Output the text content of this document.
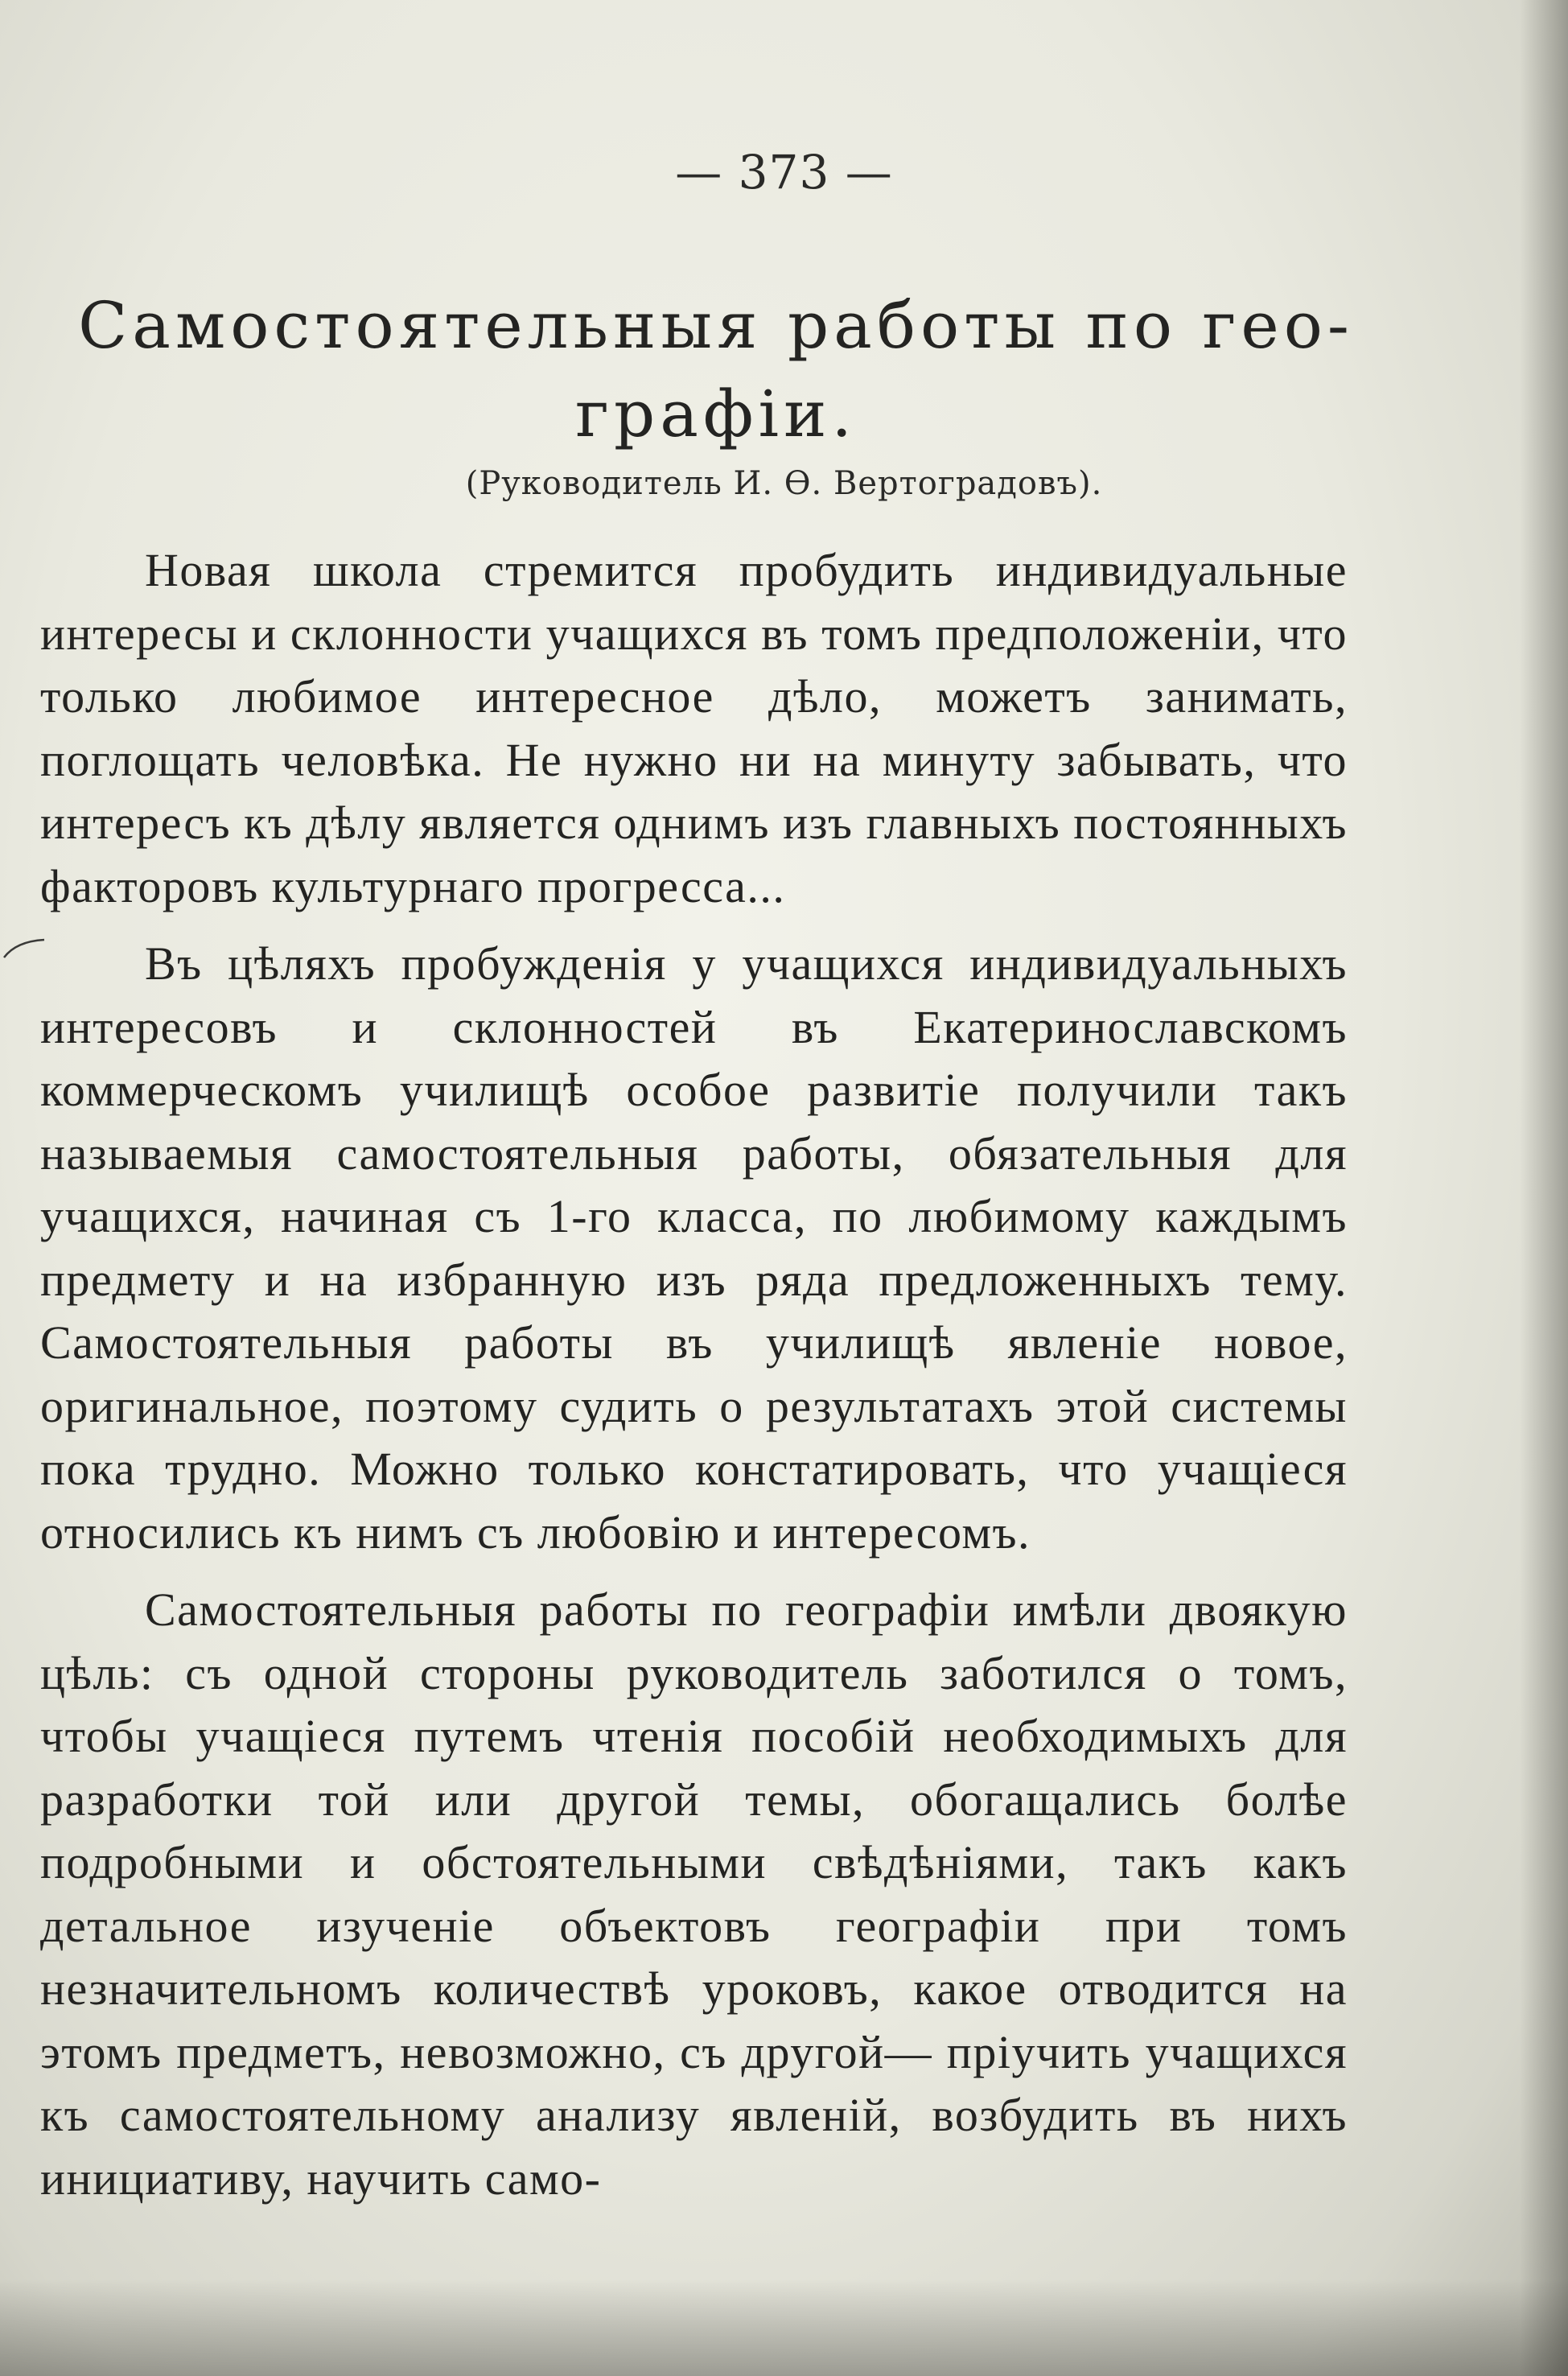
— 373 —
Самостоятельныя работы по гео-графіи.
(Руководитель И. Ѳ. Вертоградовъ).

Новая школа стремится пробудить индивидуальные интересы и склонности учащихся въ томъ предположеніи, что только любимое интересное дѣло, можетъ занимать, поглощать человѣка. Не нужно ни на минуту забывать, что интересъ къ дѣлу является однимъ изъ главныхъ постоянныхъ факторовъ культурнаго прогресса...

Въ цѣляхъ пробужденія у учащихся индивидуальныхъ интересовъ и склонностей въ Екатеринославскомъ коммерческомъ училищѣ особое развитіе получили такъ называемыя самостоятельныя работы, обязательныя для учащихся, начиная съ 1-го класса, по любимому каждымъ предмету и на избранную изъ ряда предложенныхъ тему. Самостоятельныя работы въ училищѣ явленіе новое, оригинальное, поэтому судить о результатахъ этой системы пока трудно. Можно только констатировать, что учащіеся относились къ нимъ съ любовію и интересомъ.

Самостоятельныя работы по географіи имѣли двоякую цѣль: съ одной стороны руководитель заботился о томъ, чтобы учащіеся путемъ чтенія пособій необходимыхъ для разработки той или другой темы, обогащались болѣе подробными и обстоятельными свѣдѣніями, такъ какъ детальное изученіе объектовъ географіи при томъ незначительномъ количествѣ уроковъ, какое отводится на этомъ предметъ, невозможно, съ другой— пріучить учащихся къ самостоятельному анализу явленій, возбудить въ нихъ инициативу, научить само-
